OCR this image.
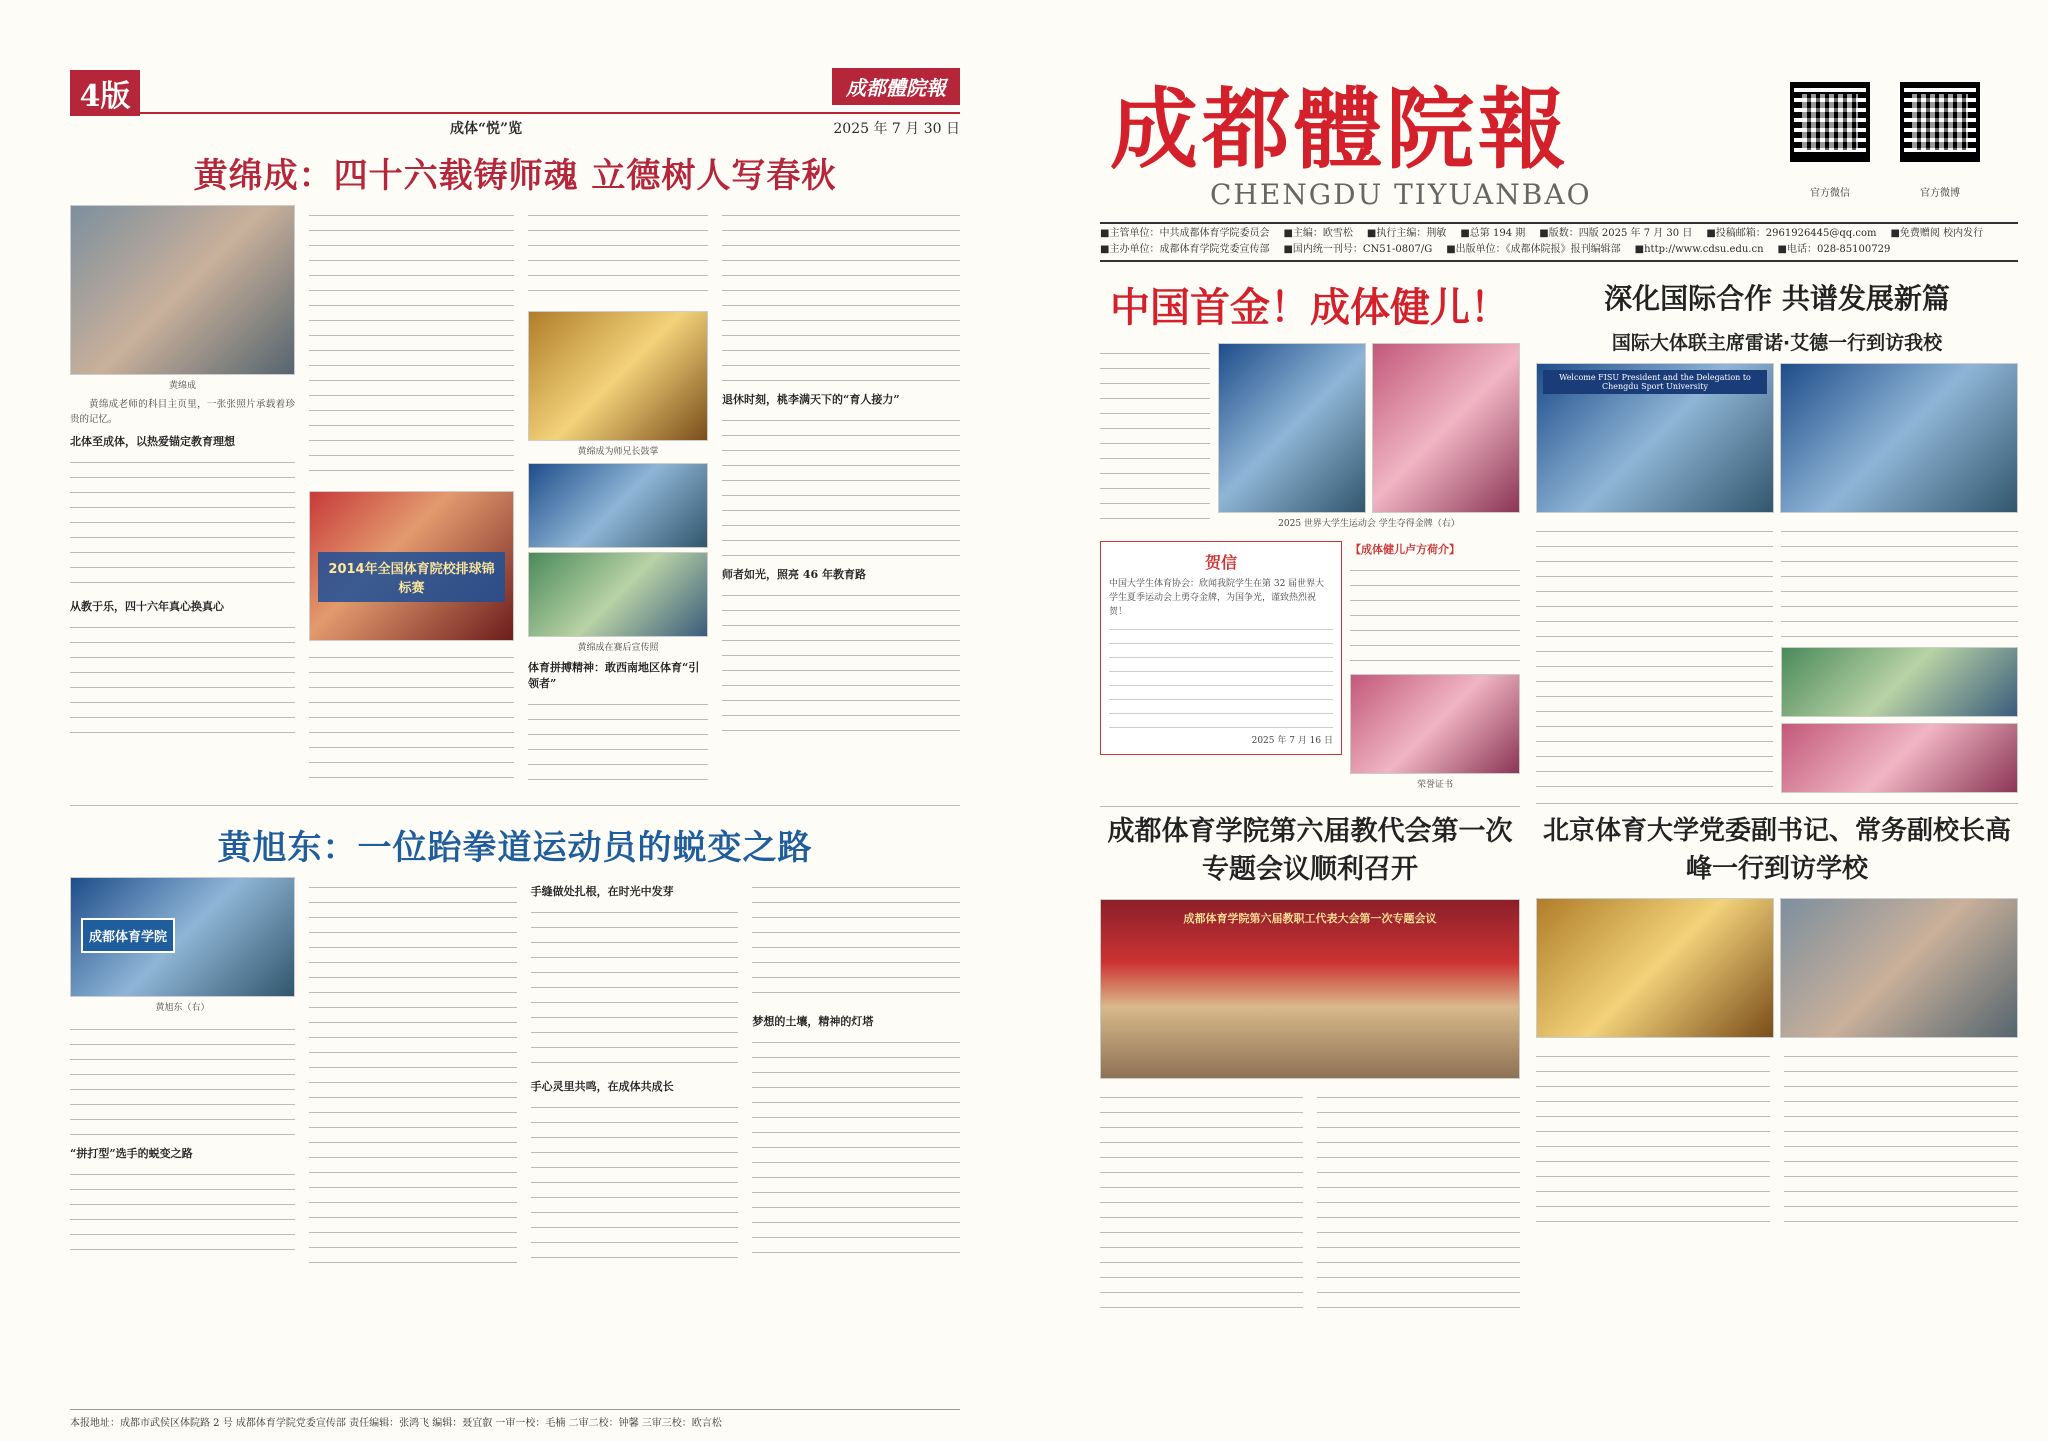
4版	成都體院報
成体“悦”览	2025 年 7 月 30 日
黄绵成：四十六载铸师魂 立德树人写春秋
黄绵成
黄绵成老师的科目主页里，一张张照片承载着珍贵的记忆。
北体至成体，以热爱锚定教育理想
从教于乐，四十六年真心换真心
2014年全国体育院校排球锦标赛
黄绵成为师兄长鼓掌
黄绵成在赛后宣传照
体育拼搏精神：敢西南地区体育“引领者”
退休时刻，桃李满天下的“育人接力”
师者如光，照亮 46 年教育路
黄旭东：一位跆拳道运动员的蜕变之路
成都体育学院
黄旭东（右）
“拼打型”选手的蜕变之路
手缝做处扎根，在时光中发芽
手心灵里共鸣，在成体共成长
梦想的土壤，精神的灯塔
本报地址：成都市武侯区体院路 2 号 成都体育学院党委宣传部 责任编辑：张鸿飞 编辑：聂宜叡 一审一校：毛楠 二审二校：钟馨 三审三校：欧言松
成都體院報
CHENGDU TIYUANBAO	官方微信	官方微博
■主管单位：中共成都体育学院委员会 ■主编：欧雪松 ■执行主编：荆敏 ■总第 194 期 ■版数：四版 2025 年 7 月 30 日 ■投稿邮箱：2961926445@qq.com ■免费赠阅 校内发行
■主办单位：成都体育学院党委宣传部 ■国内统一刊号：CN51-0807/G ■出版单位：《成都体院报》报刊编辑部 ■http://www.cdsu.edu.cn ■电话：028-85100729
中国首金！成体健儿！
2025 世界大学生运动会 学生夺得金牌（右）
贺信
中国大学生体育协会：欣闻我院学生在第 32 届世界大学生夏季运动会上勇夺金牌，为国争光，谨致热烈祝贺！
2025 年 7 月 16 日
【成体健儿卢方荷介】
荣誉证书
成都体育学院第六届教代会第一次专题会议顺利召开
成都体育学院第六届教职工代表大会第一次专题会议
深化国际合作 共谱发展新篇
国际大体联主席雷诺·艾德一行到访我校
Welcome FISU President and the Delegation to Chengdu Sport University
北京体育大学党委副书记、常务副校长高峰一行到访学校
